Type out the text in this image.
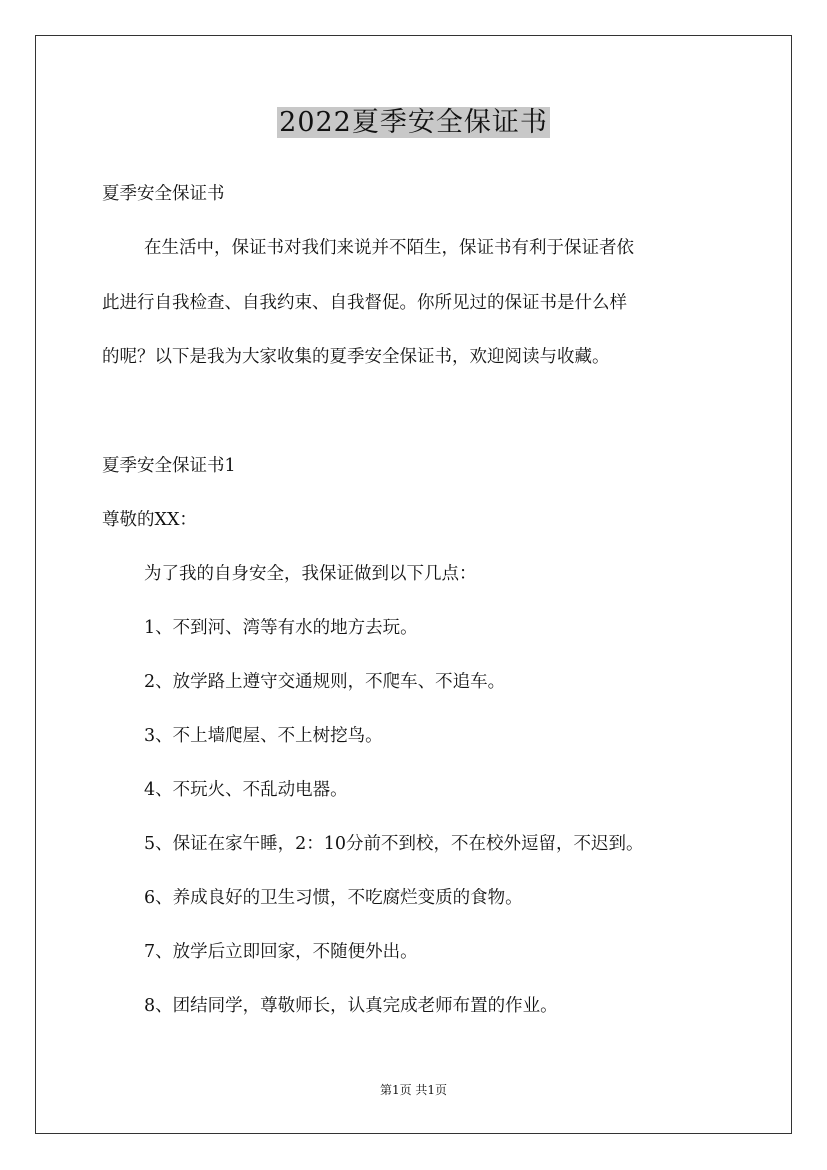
2022夏季安全保证书
夏季安全保证书
在生活中，保证书对我们来说并不陌生，保证书有利于保证者依
此进行自我检查、自我约束、自我督促。你所见过的保证书是什么样
的呢？以下是我为大家收集的夏季安全保证书，欢迎阅读与收藏。
夏季安全保证书1
尊敬的XX：
为了我的自身安全，我保证做到以下几点：
1、不到河、湾等有水的地方去玩。
2、放学路上遵守交通规则，不爬车、不追车。
3、不上墙爬屋、不上树挖鸟。
4、不玩火、不乱动电器。
5、保证在家午睡，2：10分前不到校，不在校外逗留，不迟到。
6、养成良好的卫生习惯，不吃腐烂变质的食物。
7、放学后立即回家，不随便外出。
8、团结同学，尊敬师长，认真完成老师布置的作业。
第1页 共1页
